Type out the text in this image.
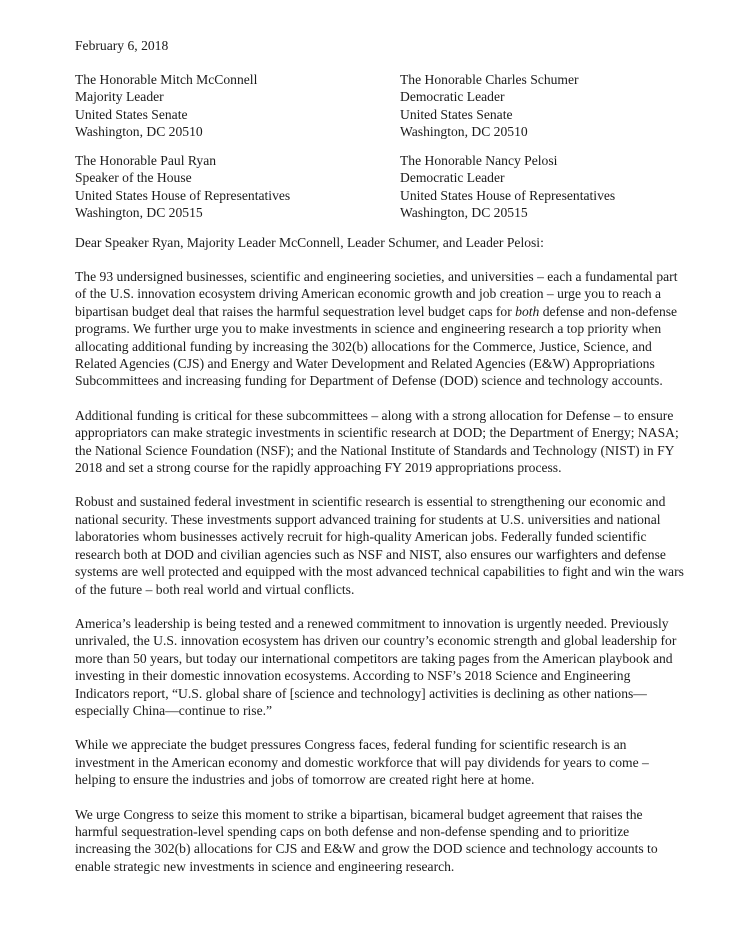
February 6, 2018
The Honorable Mitch McConnell
Majority Leader
United States Senate
Washington, DC 20510
The Honorable Charles Schumer
Democratic Leader
United States Senate
Washington, DC 20510
The Honorable Paul Ryan
Speaker of the House
United States House of Representatives
Washington, DC 20515
The Honorable Nancy Pelosi
Democratic Leader
United States House of Representatives
Washington, DC 20515
Dear Speaker Ryan, Majority Leader McConnell, Leader Schumer, and Leader Pelosi:

The 93 undersigned businesses, scientific and engineering societies, and universities – each a fundamental part of the U.S. innovation ecosystem driving American economic growth and job creation – urge you to reach a bipartisan budget deal that raises the harmful sequestration level budget caps for both defense and non-defense programs. We further urge you to make investments in science and engineering research a top priority when allocating additional funding by increasing the 302(b) allocations for the Commerce, Justice, Science, and Related Agencies (CJS) and Energy and Water Development and Related Agencies (E&W) Appropriations Subcommittees and increasing funding for Department of Defense (DOD) science and technology accounts.

Additional funding is critical for these subcommittees – along with a strong allocation for Defense – to ensure appropriators can make strategic investments in scientific research at DOD; the Department of Energy; NASA; the National Science Foundation (NSF); and the National Institute of Standards and Technology (NIST) in FY 2018 and set a strong course for the rapidly approaching FY 2019 appropriations process.

Robust and sustained federal investment in scientific research is essential to strengthening our economic and national security. These investments support advanced training for students at U.S. universities and national laboratories whom businesses actively recruit for high-quality American jobs. Federally funded scientific research both at DOD and civilian agencies such as NSF and NIST, also ensures our warfighters and defense systems are well protected and equipped with the most advanced technical capabilities to fight and win the wars of the future – both real world and virtual conflicts.

America’s leadership is being tested and a renewed commitment to innovation is urgently needed. Previously unrivaled, the U.S. innovation ecosystem has driven our country’s economic strength and global leadership for more than 50 years, but today our international competitors are taking pages from the American playbook and investing in their domestic innovation ecosystems. According to NSF’s 2018 Science and Engineering Indicators report, “U.S. global share of [science and technology] activities is declining as other nations—especially China—continue to rise.”

While we appreciate the budget pressures Congress faces, federal funding for scientific research is an investment in the American economy and domestic workforce that will pay dividends for years to come – helping to ensure the industries and jobs of tomorrow are created right here at home.

We urge Congress to seize this moment to strike a bipartisan, bicameral budget agreement that raises the harmful sequestration-level spending caps on both defense and non-defense spending and to prioritize increasing the 302(b) allocations for CJS and E&W and grow the DOD science and technology accounts to enable strategic new investments in science and engineering research.
